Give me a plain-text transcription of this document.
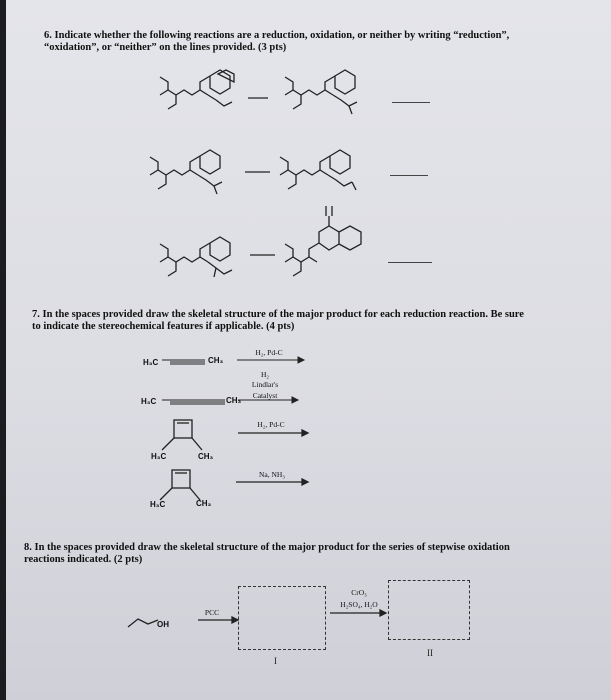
6. Indicate whether the following reactions are a reduction, oxidation, or neither by writing “reduction”,
“oxidation”, or “neither” on the lines provided. (3 pts)
7. In the spaces provided draw the skeletal structure of the major product for each reduction reaction. Be sure
to indicate the stereochemical features if applicable. (4 pts)
H₃C	CH₃
H₂, Pd-C
H₃C	CH₃
H₂
Lindlar's
Catalyst
H₃C	CH₃
H₂, Pd-C
H₃C	CH₃
Na, NH₃
8. In the spaces provided draw the skeletal structure of the major product for the series of stepwise oxidation
reactions indicated. (2 pts)
OH
PCC
CrO₃
H₂SO₄, H₂O
I
II
